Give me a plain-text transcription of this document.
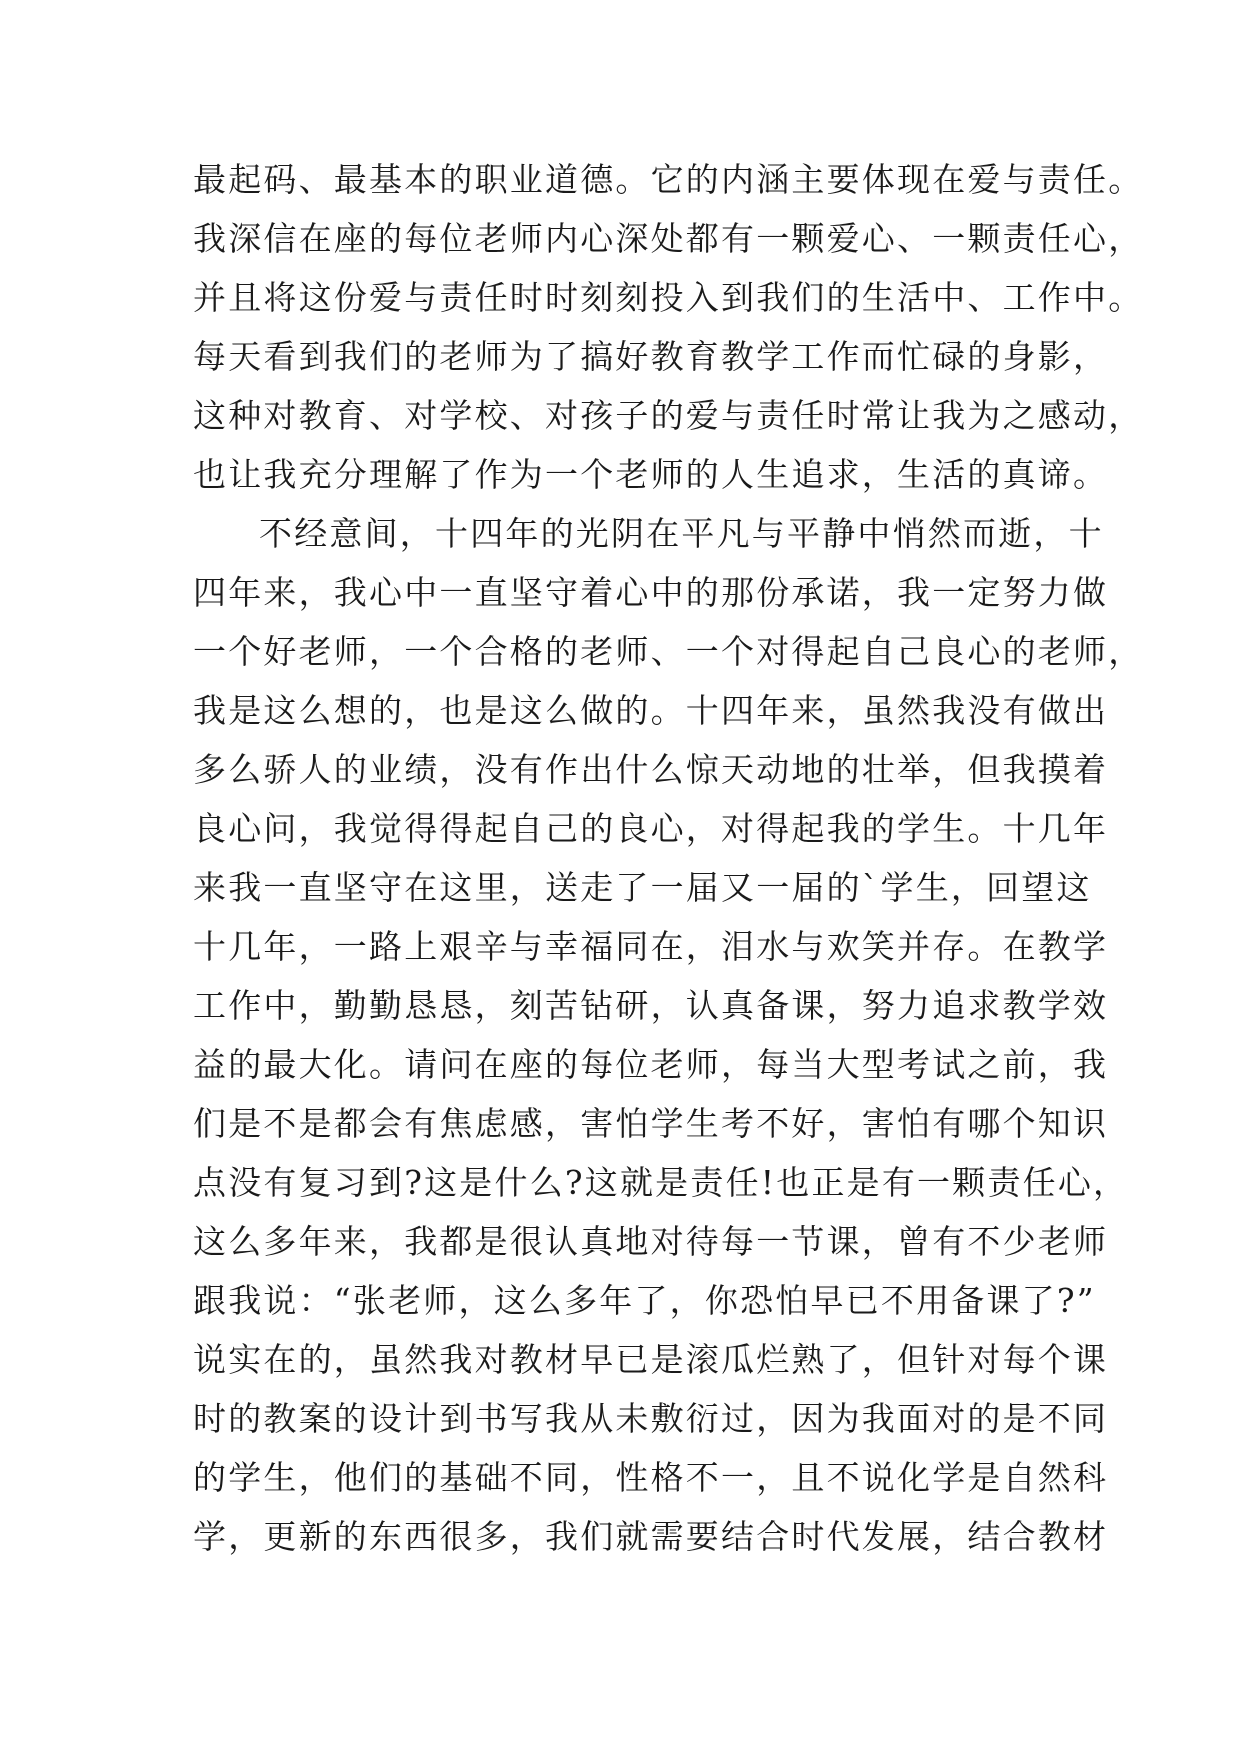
最起码、最基本的职业道德。它的内涵主要体现在爱与责任。
我深信在座的每位老师内心深处都有一颗爱心、一颗责任心，
并且将这份爱与责任时时刻刻投入到我们的生活中、工作中。
每天看到我们的老师为了搞好教育教学工作而忙碌的身影，
这种对教育、对学校、对孩子的爱与责任时常让我为之感动，
也让我充分理解了作为一个老师的人生追求，生活的真谛。
不经意间，十四年的光阴在平凡与平静中悄然而逝，十
四年来，我心中一直坚守着心中的那份承诺，我一定努力做
一个好老师，一个合格的老师、一个对得起自己良心的老师，
我是这么想的，也是这么做的。十四年来，虽然我没有做出
多么骄人的业绩，没有作出什么惊天动地的壮举，但我摸着
良心问，我觉得得起自己的良心，对得起我的学生。十几年
来我一直坚守在这里，送走了一届又一届的`学生，回望这
十几年，一路上艰辛与幸福同在，泪水与欢笑并存。在教学
工作中，勤勤恳恳，刻苦钻研，认真备课，努力追求教学效
益的最大化。请问在座的每位老师，每当大型考试之前，我
们是不是都会有焦虑感，害怕学生考不好，害怕有哪个知识
点没有复习到?这是什么?这就是责任!也正是有一颗责任心，
这么多年来，我都是很认真地对待每一节课，曾有不少老师
跟我说：“张老师，这么多年了，你恐怕早已不用备课了?”
说实在的，虽然我对教材早已是滚瓜烂熟了，但针对每个课
时的教案的设计到书写我从未敷衍过，因为我面对的是不同
的学生，他们的基础不同，性格不一，且不说化学是自然科
学，更新的东西很多，我们就需要结合时代发展，结合教材
